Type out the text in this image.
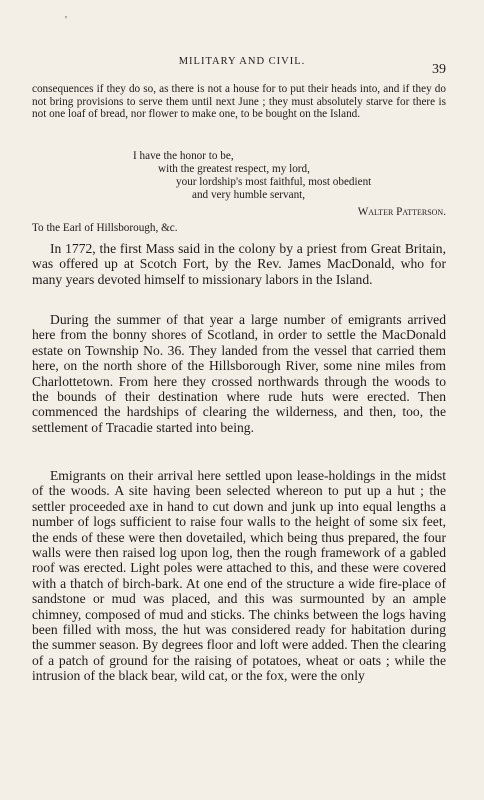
'
MILITARY AND CIVIL.
39

consequences if they do so, as there is not a house for to put their heads into, and if they do not bring provisions to serve them until next June ; they must absolutely starve for there is not one loaf of bread, nor flower to make one, to be bought on the Island.

I have the honor to be,
with the greatest respect, my lord,
your lordship's most faithful, most obedient
and very humble servant,
Walter Patterson.
To the Earl of Hillsborough, &c.

In 1772, the first Mass said in the colony by a priest from Great Britain, was offered up at Scotch Fort, by the Rev. James MacDonald, who for many years devoted himself to missionary labors in the Island.

During the summer of that year a large number of emigrants arrived here from the bonny shores of Scotland, in order to settle the MacDonald estate on Township No. 36. They landed from the vessel that carried them here, on the north shore of the Hillsborough River, some nine miles from Charlottetown. From here they crossed northwards through the woods to the bounds of their destination where rude huts were erected. Then commenced the hardships of clearing the wilderness, and then, too, the settlement of Tracadie started into being.

Emigrants on their arrival here settled upon lease-holdings in the midst of the woods. A site having been selected whereon to put up a hut ; the settler proceeded axe in hand to cut down and junk up into equal lengths a number of logs sufficient to raise four walls to the height of some six feet, the ends of these were then dovetailed, which being thus prepared, the four walls were then raised log upon log, then the rough framework of a gabled roof was erected. Light poles were attached to this, and these were covered with a thatch of birch-bark. At one end of the structure a wide fire-place of sandstone or mud was placed, and this was surmounted by an ample chimney, composed of mud and sticks. The chinks between the logs having been filled with moss, the hut was considered ready for habitation during the summer season. By degrees floor and loft were added. Then the clearing of a patch of ground for the raising of potatoes, wheat or oats ; while the intrusion of the black bear, wild cat, or the fox, were the only
